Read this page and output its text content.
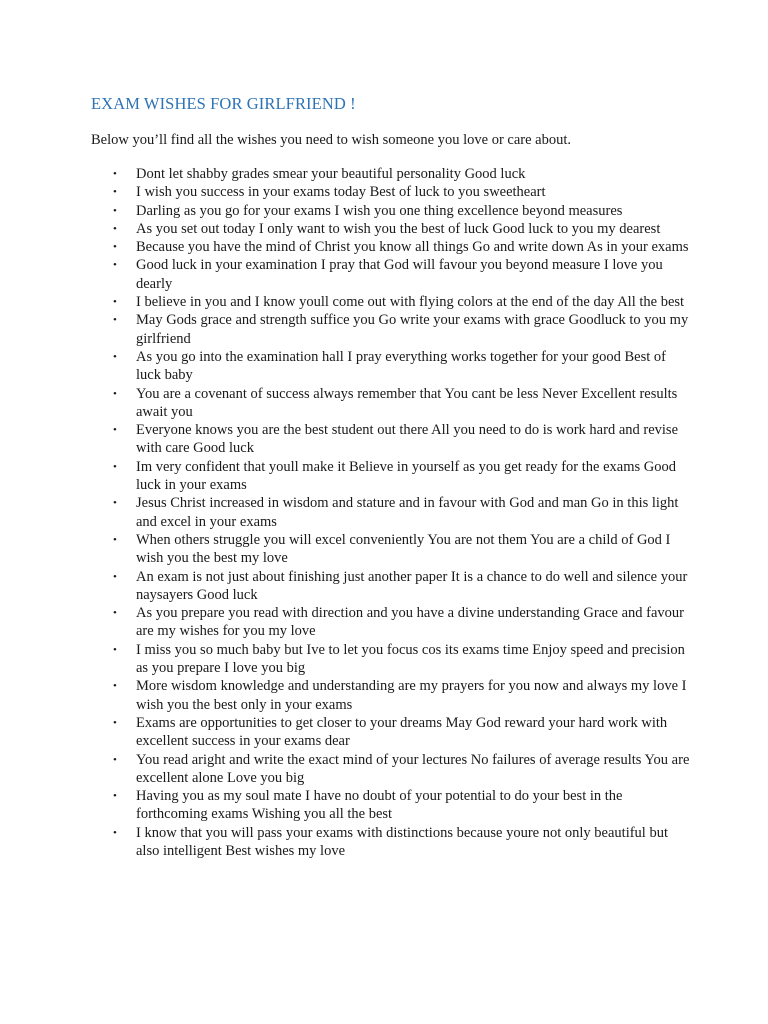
EXAM WISHES FOR GIRLFRIEND !

Below you’ll find all the wishes you need to wish someone you love or care about.

• Dont let shabby grades smear your beautiful personality Good luck
• I wish you success in your exams today Best of luck to you sweetheart
• Darling as you go for your exams I wish you one thing excellence beyond measures
• As you set out today I only want to wish you the best of luck Good luck to you my dearest
• Because you have the mind of Christ you know all things Go and write down As in your exams
• Good luck in your examination I pray that God will favour you beyond measure I love you dearly
• I believe in you and I know youll come out with flying colors at the end of the day All the best
• May Gods grace and strength suffice you Go write your exams with grace Goodluck to you my girlfriend
• As you go into the examination hall I pray everything works together for your good Best of luck baby
• You are a covenant of success always remember that You cant be less Never Excellent results await you
• Everyone knows you are the best student out there All you need to do is work hard and revise with care Good luck
• Im very confident that youll make it Believe in yourself as you get ready for the exams Good luck in your exams
• Jesus Christ increased in wisdom and stature and in favour with God and man Go in this light and excel in your exams
• When others struggle you will excel conveniently You are not them You are a child of God I wish you the best my love
• An exam is not just about finishing just another paper It is a chance to do well and silence your naysayers Good luck
• As you prepare you read with direction and you have a divine understanding Grace and favour are my wishes for you my love
• I miss you so much baby but Ive to let you focus cos its exams time Enjoy speed and precision as you prepare I love you big
• More wisdom knowledge and understanding are my prayers for you now and always my love I wish you the best only in your exams
• Exams are opportunities to get closer to your dreams May God reward your hard work with excellent success in your exams dear
• You read aright and write the exact mind of your lectures No failures of average results You are excellent alone Love you big
• Having you as my soul mate I have no doubt of your potential to do your best in the forthcoming exams Wishing you all the best
• I know that you will pass your exams with distinctions because youre not only beautiful but also intelligent Best wishes my love
